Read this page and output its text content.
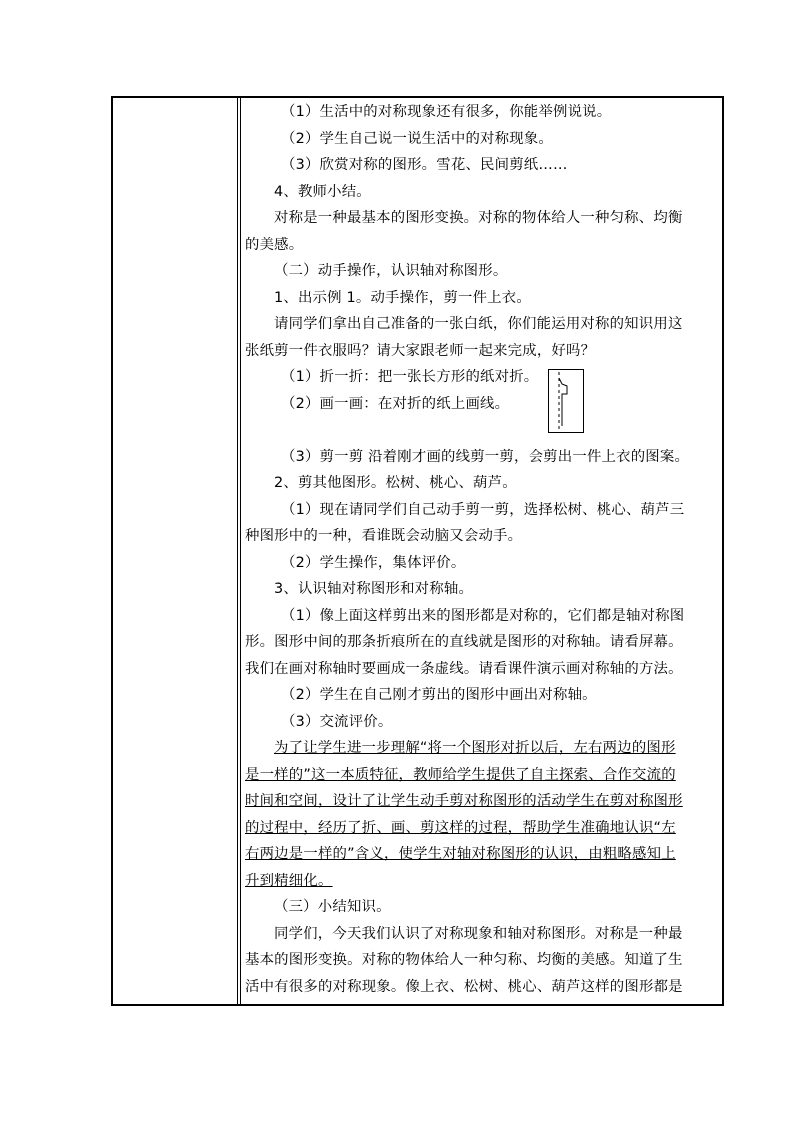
（1）生活中的对称现象还有很多，你能举例说说。

（2）学生自己说一说生活中的对称现象。

（3）欣赏对称的图形。雪花、民间剪纸……

4、教师小结。

对称是一种最基本的图形变换。对称的物体给人一种匀称、均衡

的美感。

（二）动手操作，认识轴对称图形。

1、出示例 1。动手操作，剪一件上衣。

请同学们拿出自己准备的一张白纸，你们能运用对称的知识用这

张纸剪一件衣服吗？请大家跟老师一起来完成，好吗？

（1）折一折：把一张长方形的纸对折。

（2）画一画：在对折的纸上画线。

（3）剪一剪 沿着刚才画的线剪一剪，会剪出一件上衣的图案。

2、剪其他图形。松树、桃心、葫芦。

（1）现在请同学们自己动手剪一剪，选择松树、桃心、葫芦三

种图形中的一种，看谁既会动脑又会动手。

（2）学生操作，集体评价。

3、认识轴对称图形和对称轴。

（1）像上面这样剪出来的图形都是对称的，它们都是轴对称图

形。图形中间的那条折痕所在的直线就是图形的对称轴。请看屏幕。

我们在画对称轴时要画成一条虚线。请看课件演示画对称轴的方法。

（2）学生在自己刚才剪出的图形中画出对称轴。

（3）交流评价。

为了让学生进一步理解“将一个图形对折以后，左右两边的图形

是一样的”这一本质特征，教师给学生提供了自主探索、合作交流的

时间和空间，设计了让学生动手剪对称图形的活动学生在剪对称图形

的过程中，经历了折、画、剪这样的过程，帮助学生准确地认识“左

右两边是一样的”含义，使学生对轴对称图形的认识，由粗略感知上

升到精细化。

（三）小结知识。

同学们，今天我们认识了对称现象和轴对称图形。对称是一种最

基本的图形变换。对称的物体给人一种匀称、均衡的美感。知道了生

活中有很多的对称现象。像上衣、松树、桃心、葫芦这样的图形都是
